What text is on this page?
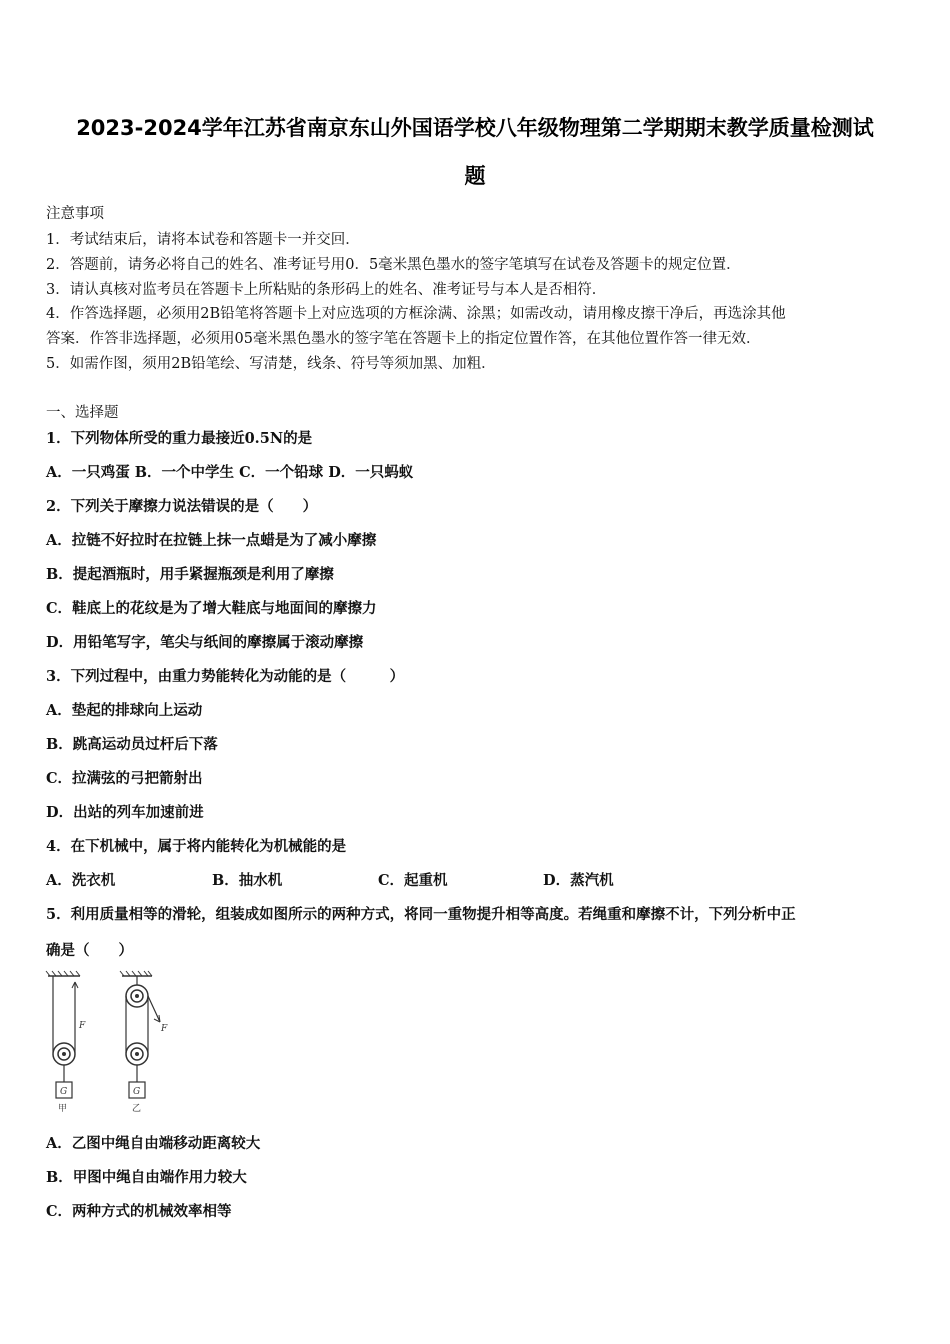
2023-2024学年江苏省南京东山外国语学校八年级物理第二学期期末教学质量检测试
题
注意事项
1．考试结束后，请将本试卷和答题卡一并交回．
2．答题前，请务必将自己的姓名、准考证号用0．5毫米黑色墨水的签字笔填写在试卷及答题卡的规定位置．
3．请认真核对监考员在答题卡上所粘贴的条形码上的姓名、准考证号与本人是否相符．
4．作答选择题，必须用2B铅笔将答题卡上对应选项的方框涂满、涂黑；如需改动，请用橡皮擦干净后，再选涂其他
答案．作答非选择题，必须用05毫米黑色墨水的签字笔在答题卡上的指定位置作答，在其他位置作答一律无效．
5．如需作图，须用2B铅笔绘、写清楚，线条、符号等须加黑、加粗．
一、选择题
1．下列物体所受的重力最接近0.5N的是
A．一只鸡蛋 B．一个中学生 C．一个铅球 D．一只蚂蚁
2．下列关于摩擦力说法错误的是（　　）
A．拉链不好拉时在拉链上抹一点蜡是为了减小摩擦
B．提起酒瓶时，用手紧握瓶颈是利用了摩擦
C．鞋底上的花纹是为了增大鞋底与地面间的摩擦力
D．用铅笔写字，笔尖与纸间的摩擦属于滚动摩擦
3．下列过程中，由重力势能转化为动能的是（　　　）
A．垫起的排球向上运动
B．跳高运动员过杆后下落
C．拉满弦的弓把箭射出
D．出站的列车加速前进
4．在下机械中，属于将内能转化为机械能的是
A．洗衣机	B．抽水机	C．起重机	D．蒸汽机
5．利用质量相等的滑轮，组装成如图所示的两种方式，将同一重物提升相等高度。若绳重和摩擦不计，下列分析中正
确是（　　）
F
G
甲
F
G
乙
A．乙图中绳自由端移动距离较大
B．甲图中绳自由端作用力较大
C．两种方式的机械效率相等
